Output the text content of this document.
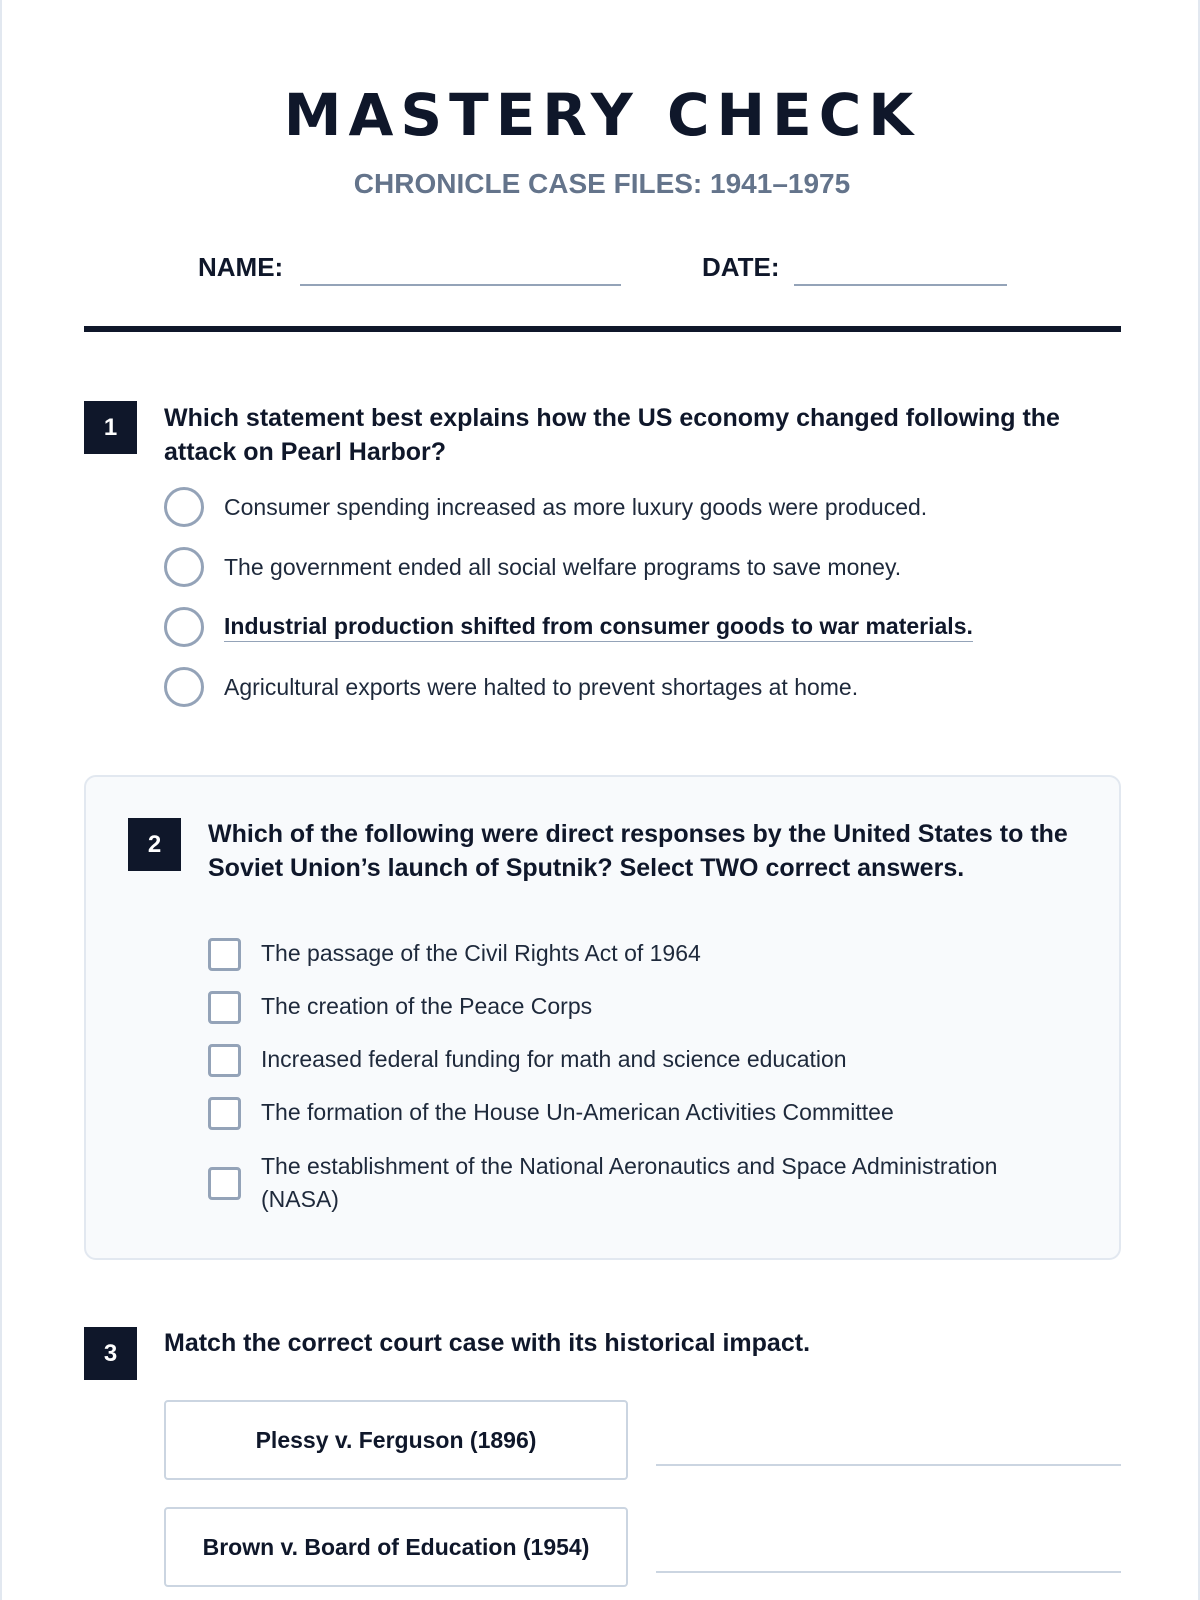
MASTERY CHECK
CHRONICLE CASE FILES: 1941–1975
NAME:	DATE:
1	Which statement best explains how the US economy changed following the attack on Pearl Harbor?
Consumer spending increased as more luxury goods were produced.
The government ended all social welfare programs to save money.
Industrial production shifted from consumer goods to war materials.
Agricultural exports were halted to prevent shortages at home.
2	Which of the following were direct responses by the United States to the Soviet Union’s launch of Sputnik? Select TWO correct answers.
The passage of the Civil Rights Act of 1964
The creation of the Peace Corps
Increased federal funding for math and science education
The formation of the House Un-American Activities Committee
The establishment of the National Aeronautics and Space Administration (NASA)
3	Match the correct court case with its historical impact.
Plessy v. Ferguson (1896)
Brown v. Board of Education (1954)
